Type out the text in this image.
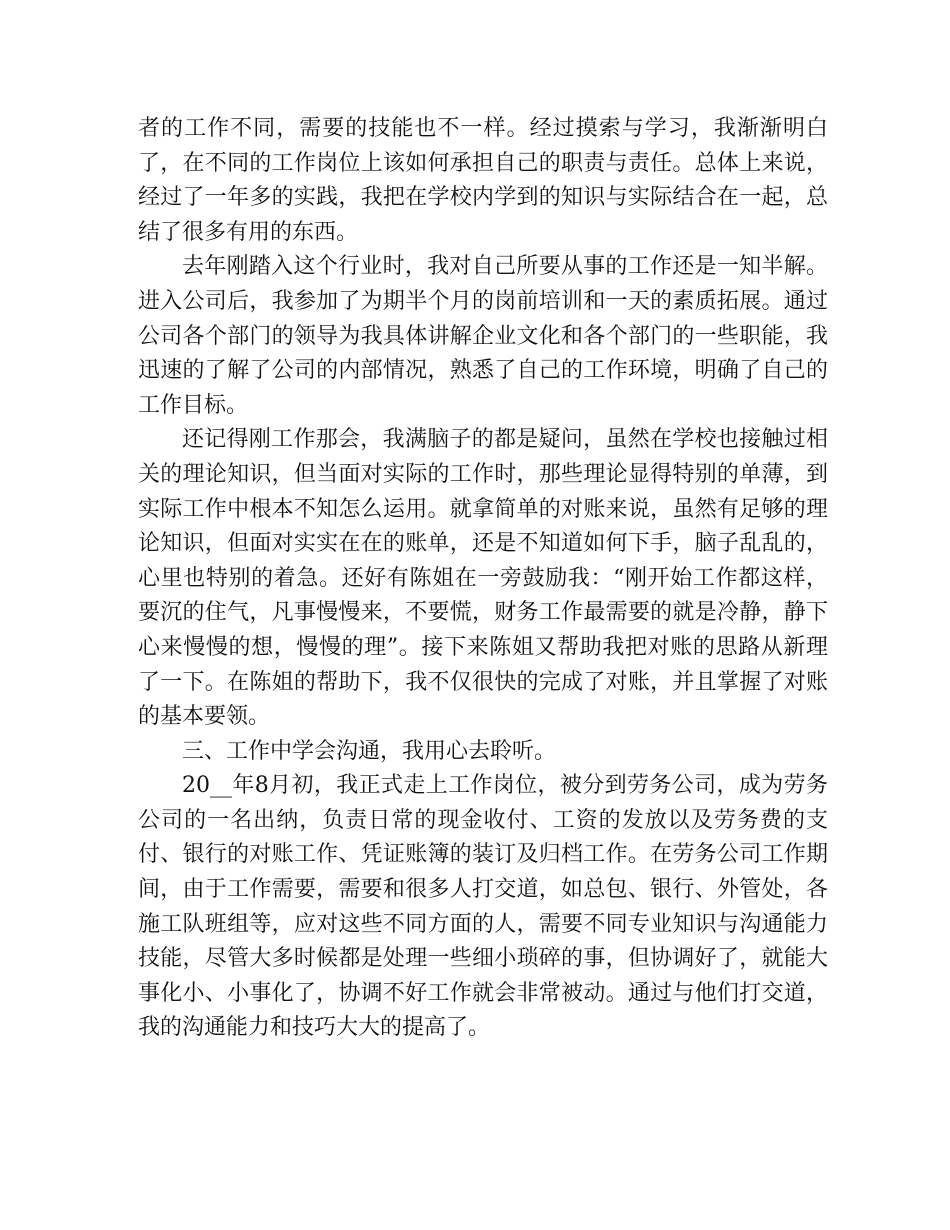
者的工作不同，需要的技能也不一样。经过摸索与学习，我渐渐明白了，在不同的工作岗位上该如何承担自己的职责与责任。总体上来说，经过了一年多的实践，我把在学校内学到的知识与实际结合在一起，总结了很多有用的东西。

去年刚踏入这个行业时，我对自己所要从事的工作还是一知半解。进入公司后，我参加了为期半个月的岗前培训和一天的素质拓展。通过公司各个部门的领导为我具体讲解企业文化和各个部门的一些职能，我迅速的了解了公司的内部情况，熟悉了自己的工作环境，明确了自己的工作目标。

还记得刚工作那会，我满脑子的都是疑问，虽然在学校也接触过相关的理论知识，但当面对实际的工作时，那些理论显得特别的单薄，到实际工作中根本不知怎么运用。就拿简单的对账来说，虽然有足够的理论知识，但面对实实在在的账单，还是不知道如何下手，脑子乱乱的，心里也特别的着急。还好有陈姐在一旁鼓励我：“刚开始工作都这样，要沉的住气，凡事慢慢来，不要慌，财务工作最需要的就是冷静，静下心来慢慢的想，慢慢的理”。接下来陈姐又帮助我把对账的思路从新理了一下。在陈姐的帮助下，我不仅很快的完成了对账，并且掌握了对账的基本要领。

三、工作中学会沟通，我用心去聆听。

20__年8月初，我正式走上工作岗位，被分到劳务公司，成为劳务公司的一名出纳，负责日常的现金收付、工资的发放以及劳务费的支付、银行的对账工作、凭证账簿的装订及归档工作。在劳务公司工作期间，由于工作需要，需要和很多人打交道，如总包、银行、外管处，各施工队班组等，应对这些不同方面的人，需要不同专业知识与沟通能力技能，尽管大多时候都是处理一些细小琐碎的事，但协调好了，就能大事化小、小事化了，协调不好工作就会非常被动。通过与他们打交道，我的沟通能力和技巧大大的提高了。
